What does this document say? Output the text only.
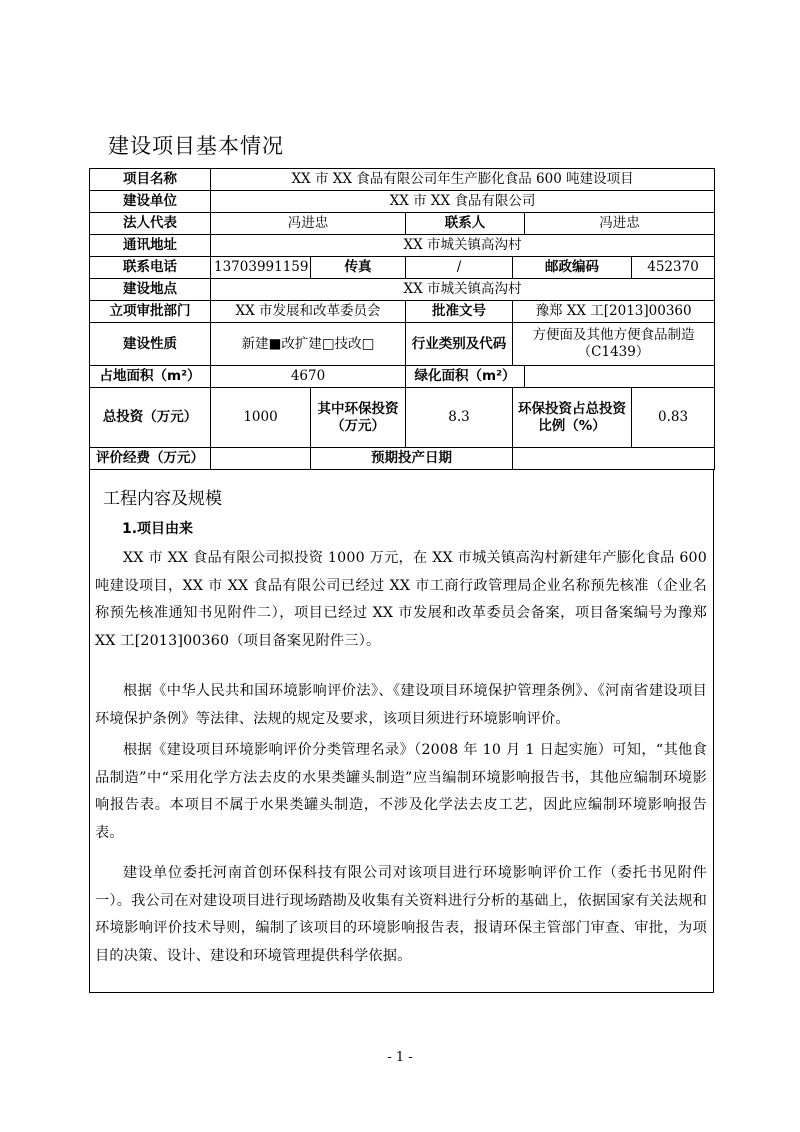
建设项目基本情况
项目名称	XX 市 XX 食品有限公司年生产膨化食品 600 吨建设项目					
建设单位	XX 市 XX 食品有限公司					
法人代表	冯进忠		联系人		冯进忠	
通讯地址	XX 市城关镇高沟村					
联系电话	13703991159	传真	/	邮政编码		452370
建设地点	XX 市城关镇高沟村					
立项审批部门	XX 市发展和改革委员会		批准文号	豫郑 XX 工[2013]00360		
建设性质	新建■改扩建□技改□		行业类别及代码	方便面及其他方便食品制造（C1439）		
占地面积（m²）	4670		绿化面积（m²）			
总投资（万元）	1000	其中环保投资（万元）	8.3	环保投资占总投资比例（%）		0.83
评价经费（万元）		预期投产日期				
工程内容及规模
1.项目由来
XX 市 XX 食品有限公司拟投资 1000 万元，在 XX 市城关镇高沟村新建年产膨化食品 600 吨建设项目，XX 市 XX 食品有限公司已经过 XX 市工商行政管理局企业名称预先核准（企业名称预先核准通知书见附件二），项目已经过 XX 市发展和改革委员会备案，项目备案编号为豫郑 XX 工[2013]00360（项目备案见附件三）。
根据《中华人民共和国环境影响评价法》、《建设项目环境保护管理条例》、《河南省建设项目环境保护条例》等法律、法规的规定及要求，该项目须进行环境影响评价。
根据《建设项目环境影响评价分类管理名录》（2008 年 10 月 1 日起实施）可知，“其他食品制造”中“采用化学方法去皮的水果类罐头制造”应当编制环境影响报告书，其他应编制环境影响报告表。本项目不属于水果类罐头制造，不涉及化学法去皮工艺，因此应编制环境影响报告表。
建设单位委托河南首创环保科技有限公司对该项目进行环境影响评价工作（委托书见附件一）。我公司在对建设项目进行现场踏勘及收集有关资料进行分析的基础上，依据国家有关法规和环境影响评价技术导则，编制了该项目的环境影响报告表，报请环保主管部门审查、审批，为项目的决策、设计、建设和环境管理提供科学依据。
- 1 -
